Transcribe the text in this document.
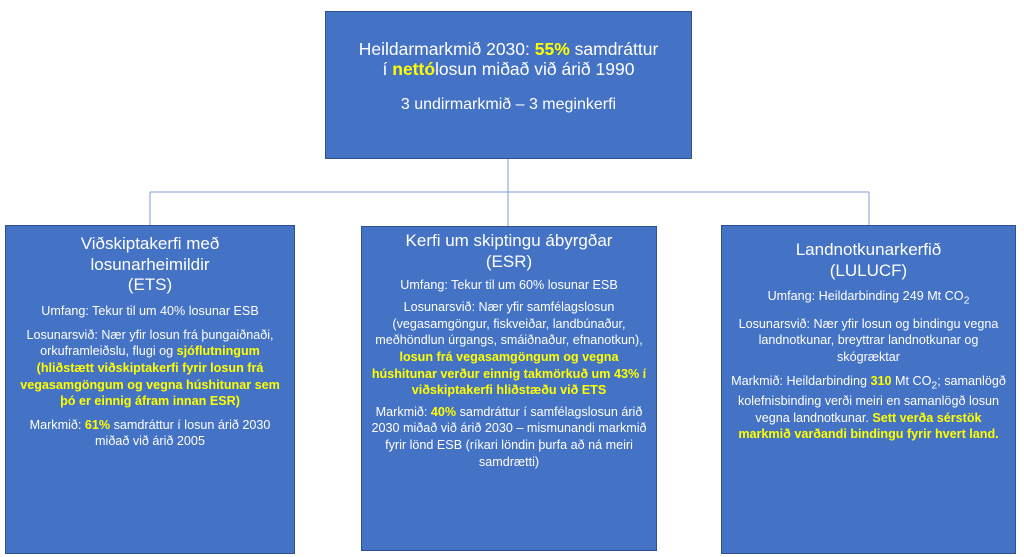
Heildarmarkmið 2030: 55% samdráttur
í nettólosun miðað við árið 1990
3 undirmarkmið – 3 meginkerfi
Viðskiptakerfi með
losunarheimildir
(ETS)

Umfang: Tekur til um 40% losunar ESB

Losunarsvið: Nær yfir losun frá þungaiðnaði, orkuframleiðslu, flugi og sjóflutningum (hliðstætt viðskiptakerfi fyrir losun frá vegasamgöngum og vegna húshitunar sem þó er einnig áfram innan ESR)

Markmið: 61% samdráttur í losun árið 2030 miðað við árið 2005

Kerfi um skiptingu ábyrgðar
(ESR)

Umfang: Tekur til um 60% losunar ESB

Losunarsvið: Nær yfir samfélagslosun (vegasamgöngur, fiskveiðar, landbúnaður, meðhöndlun úrgangs, smáiðnaður, efnanotkun), losun frá vegasamgöngum og vegna húshitunar verður einnig takmörkuð um 43% í viðskiptakerfi hliðstæðu við ETS

Markmið: 40% samdráttur í samfélagslosun árið 2030 miðað við árið 2030 – mismunandi markmið fyrir lönd ESB (ríkari löndin þurfa að ná meiri samdrætti)

Landnotkunarkerfið
(LULUCF)

Umfang: Heildarbinding 249 Mt $CO_2$

Losunarsvið: Nær yfir losun og bindingu vegna landnotkunar, breyttrar landnotkunar og skógræktar

Markmið: Heildarbinding 310 Mt $CO_2$; samanlögð kolefnisbinding verði meiri en samanlögð losun vegna landnotkunar. Sett verða sérstök markmið varðandi bindingu fyrir hvert land.
